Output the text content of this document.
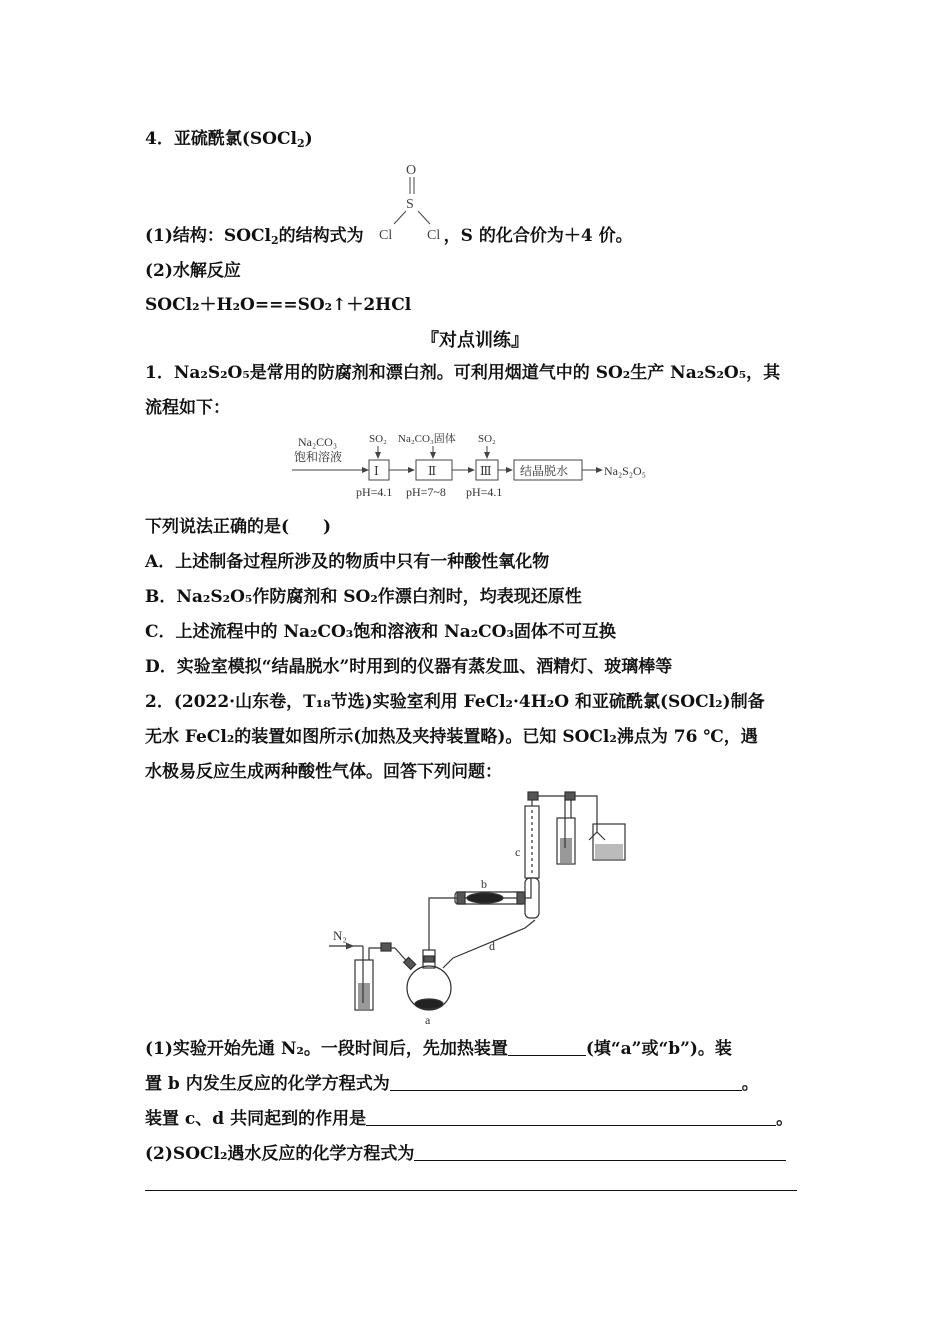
4．亚硫酰氯(SOCl$_2$)
O
S
Cl Cl
(1)结构：SOCl$_2$的结构式为	，S 的化合价为＋4 价。
(2)水解反应
SOCl₂＋H₂O===SO₂↑＋2HCl
『对点训练』
1．Na₂S₂O₅是常用的防腐剂和漂白剂。可利用烟道气中的 SO₂生产 Na₂S₂O₅，其
流程如下：
Na₂CO₃
饱和溶液
SO₂
Ⅰ
Na₂CO₃固体
Ⅱ
SO₂
Ⅲ 结晶脱水	Na₂S₂O₅
pH=4.1 pH=7~8 pH=4.1
下列说法正确的是(　　)
A．上述制备过程所涉及的物质中只有一种酸性氧化物
B．Na₂S₂O₅作防腐剂和 SO₂作漂白剂时，均表现还原性
C．上述流程中的 Na₂CO₃饱和溶液和 Na₂CO₃固体不可互换
D．实验室模拟“结晶脱水”时用到的仪器有蒸发皿、酒精灯、玻璃棒等
2．(2022·山东卷，T₁₈节选)实验室利用 FeCl₂·4H₂O 和亚硫酰氯(SOCl₂)制备
无水 FeCl₂的装置如图所示(加热及夹持装置略)。已知 SOCl₂沸点为 76 ℃，遇
水极易反应生成两种酸性气体。回答下列问题：
N₂
a
b
d
c
(1)实验开始先通 N₂。一段时间后，先加热装置	(填“a”或“b”)。装
置 b 内发生反应的化学方程式为	。
装置 c、d 共同起到的作用是	。
(2)SOCl₂遇水反应的化学方程式为
